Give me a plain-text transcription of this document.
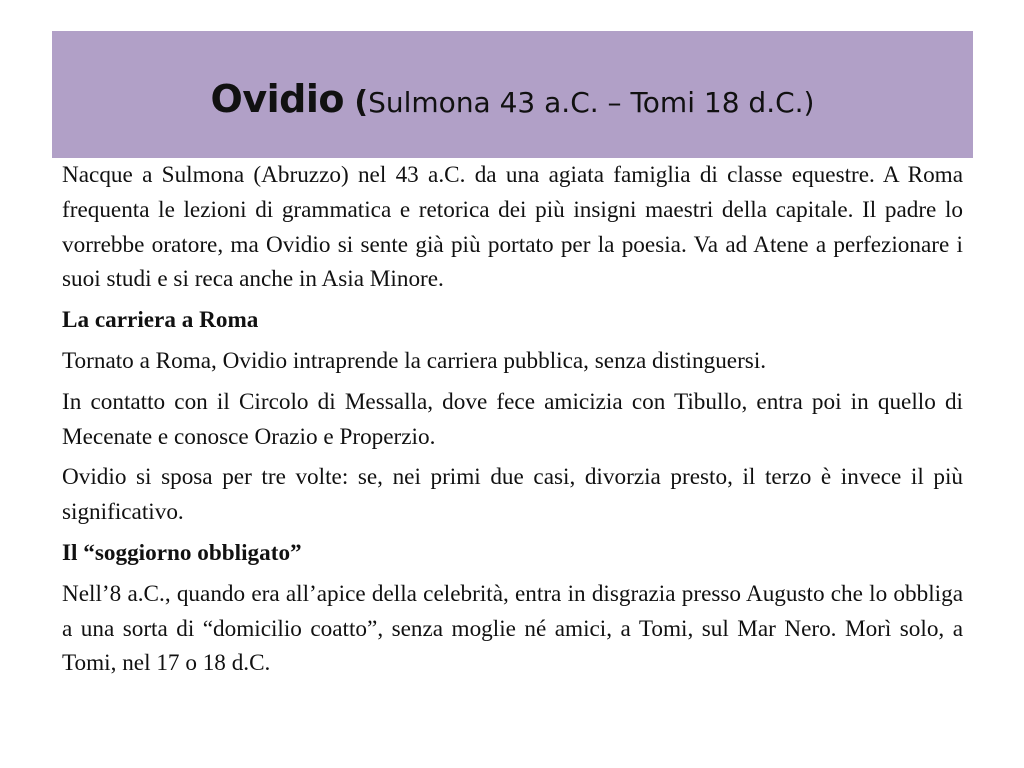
Ovidio (Sulmona 43 a.C. – Tomi 18 d.C.)

Nacque a Sulmona (Abruzzo) nel 43 a.C. da una agiata famiglia di classe equestre. A Roma frequenta le lezioni di grammatica e retorica dei più insigni maestri della capitale. Il padre lo vorrebbe oratore, ma Ovidio si sente già più portato per la poesia. Va ad Atene a perfezionare i suoi studi e si reca anche in Asia Minore.

La carriera a Roma

Tornato a Roma, Ovidio intraprende la carriera pubblica, senza distinguersi.

In contatto con il Circolo di Messalla, dove fece amicizia con Tibullo, entra poi in quello di Mecenate e conosce Orazio e Properzio.

Ovidio si sposa per tre volte: se, nei primi due casi, divorzia presto, il terzo è invece il più significativo.

Il “soggiorno obbligato”

Nell’8 a.C., quando era all’apice della celebrità, entra in disgrazia presso Augusto che lo obbliga a una sorta di “domicilio coatto”, senza moglie né amici, a Tomi, sul Mar Nero. Morì solo, a Tomi, nel 17 o 18 d.C.
